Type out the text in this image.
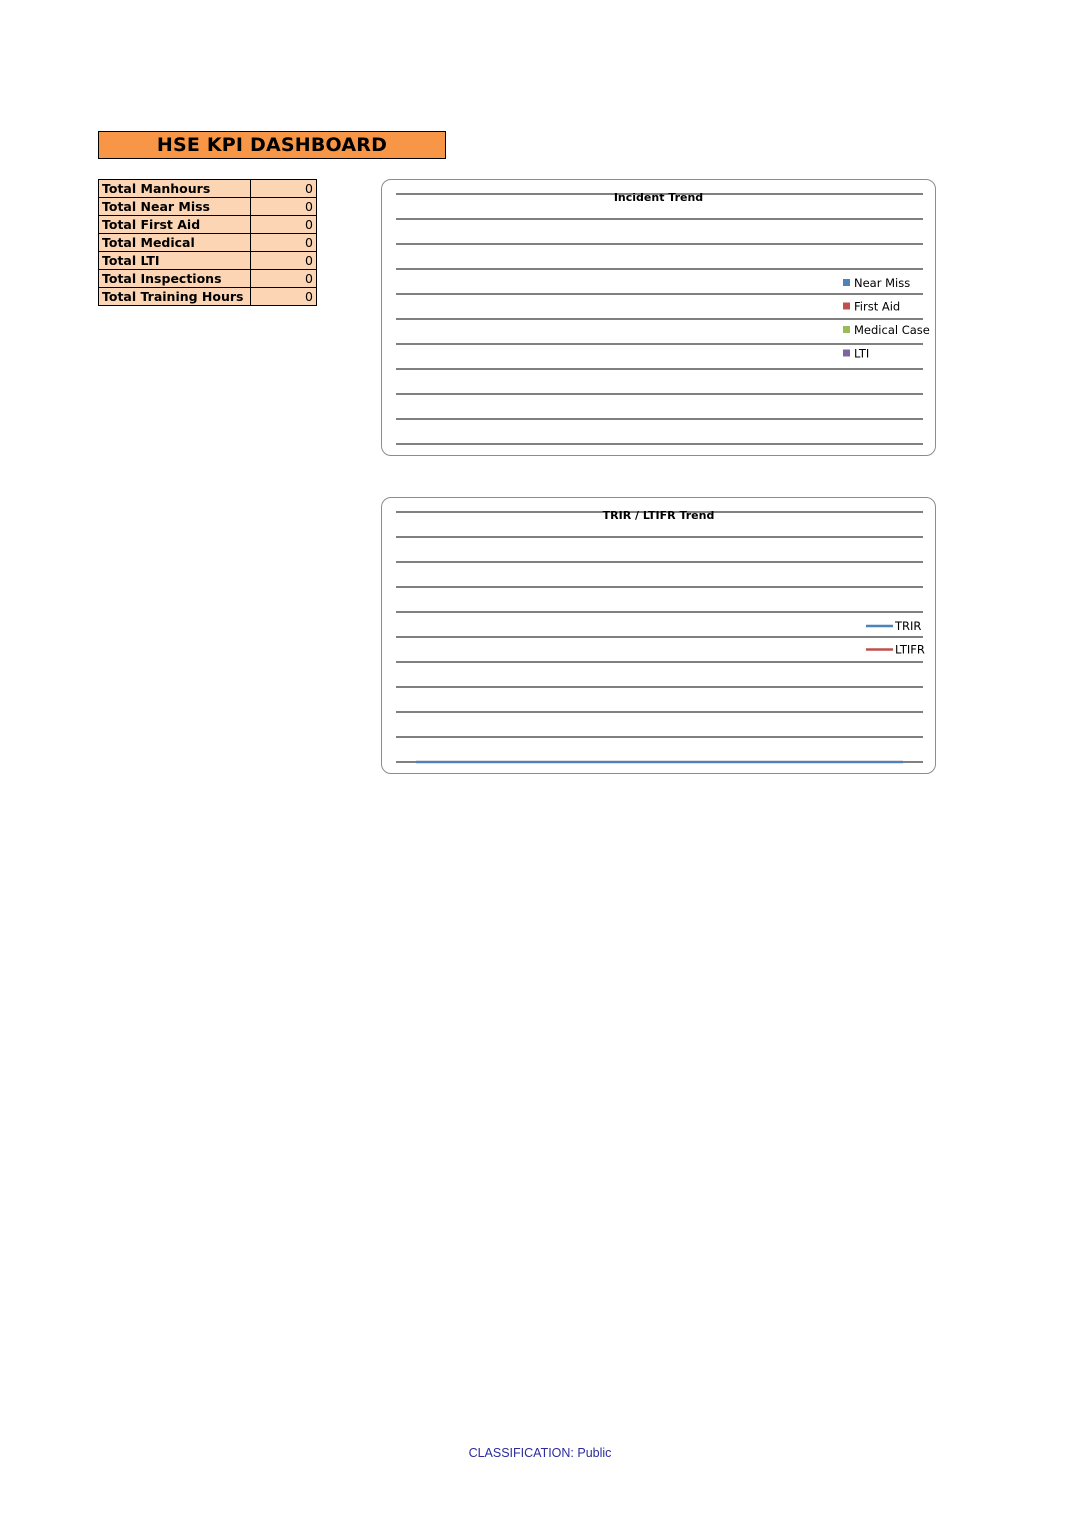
HSE KPI DASHBOARD
Total Manhours	0
Total Near Miss	0
Total First Aid	0
Total Medical	0
Total LTI	0
Total Inspections	0
Total Training Hours	0
Near Miss
First Aid
Medical Case
LTI
Incident Trend
TRIR
LTIFR
TRIR / LTIFR Trend
CLASSIFICATION: Public
